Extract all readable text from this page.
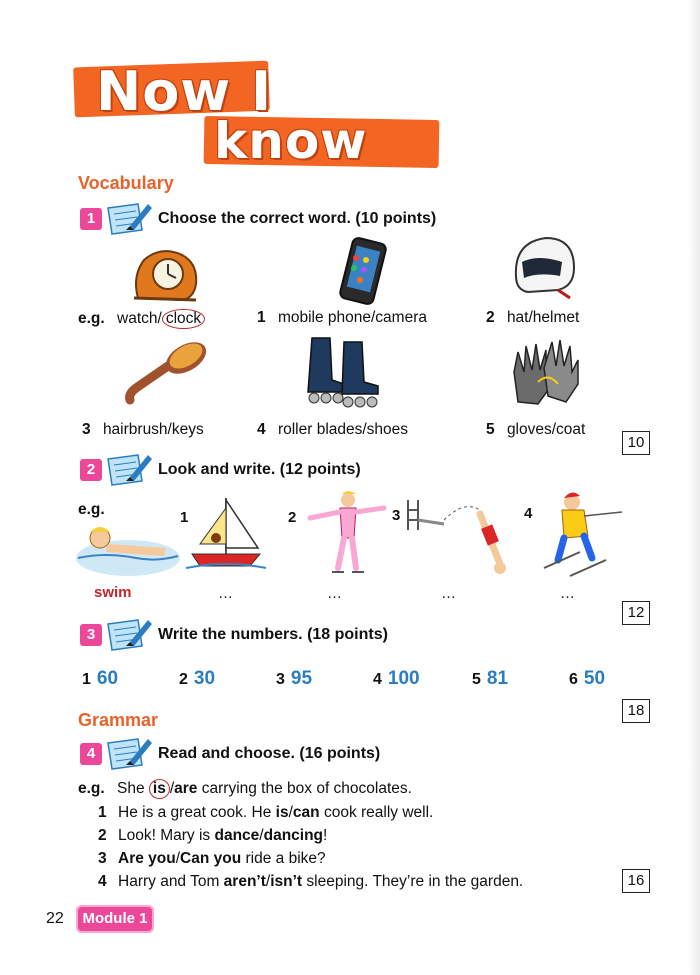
Now I
know
Vocabulary
1	Choose the correct word. (10 points)
e.g. watch/ clock	1 mobile phone/camera	2 hat/helmet
3 hairbrush/keys	4 roller blades/shoes	5 gloves/coat
10
2	Look and write. (12 points)
e.g.	1	2	3	4
swim	…	…	…	…
12
3	Write the numbers. (18 points)
1 60	2 30	3 95	4 100	5 81	6 50
18
Grammar
4	Read and choose. (16 points)
e.g. She is /are carrying the box of chocolates.
1 He is a great cook. He is/can cook really well.
2 Look! Mary is dance/dancing!
3 Are you/Can you ride a bike?
4 Harry and Tom aren’t/isn’t sleeping. They’re in the garden.	16
22	Module 1
